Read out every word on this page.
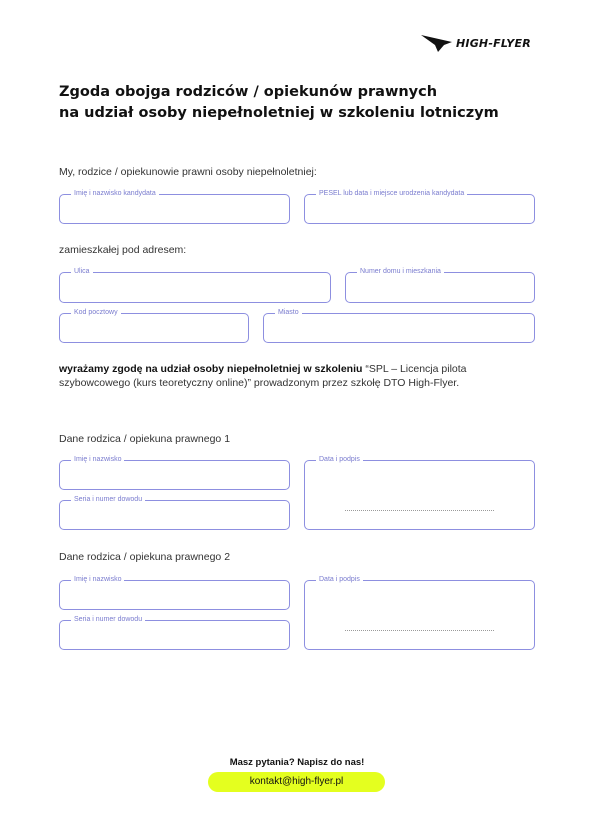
HIGH-FLYER
Zgoda obojga rodziców / opiekunów prawnych
na udział osoby niepełnoletniej w szkoleniu lotniczym

My, rodzice / opiekunowie prawni osoby niepełnoletniej:

Imię i nazwisko kandydata	PESEL lub data i miejsce urodzenia kandydata

zamieszkałej pod adresem:

Ulica	Numer domu i mieszkania
Kod pocztowy	Miasto

wyrażamy zgodę na udział osoby niepełnoletniej w szkoleniu “SPL – Licencja pilota szybowcowego (kurs teoretyczny online)” prowadzonym przez szkołę DTO High-Flyer.

Dane rodzica / opiekuna prawnego 1

Imię i nazwisko
Seria i numer dowodu
Data i podpis

Dane rodzica / opiekuna prawnego 2

Imię i nazwisko
Seria i numer dowodu
Data i podpis
Masz pytania? Napisz do nas!
kontakt@high-flyer.pl
